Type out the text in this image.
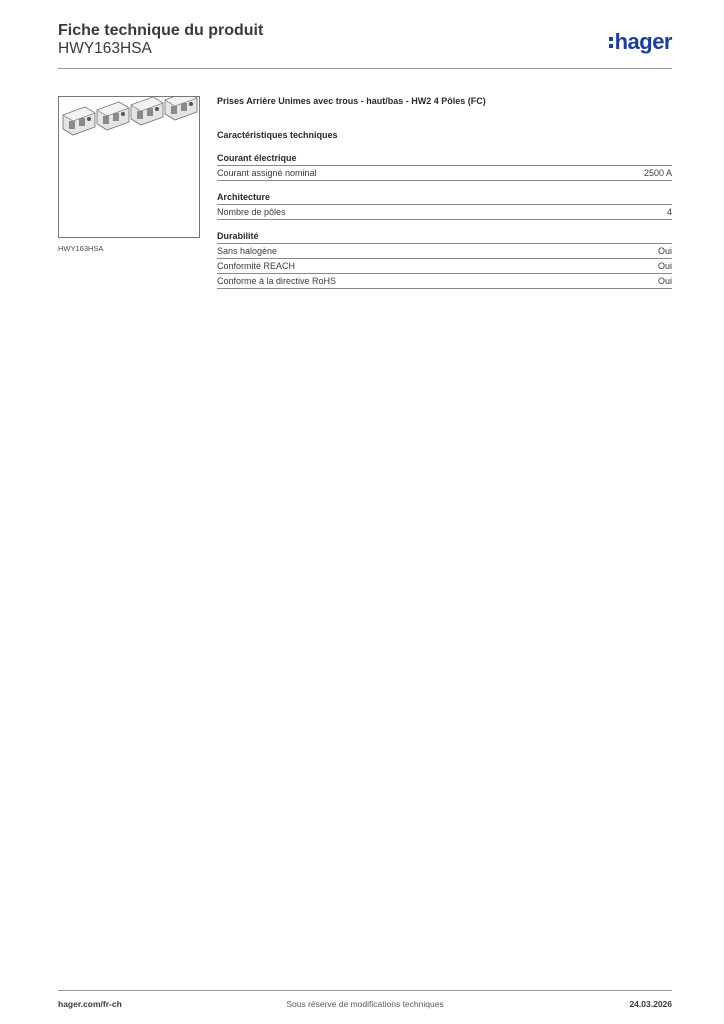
Fiche technique du produit
HWY163HSA	hager
HWY163HSA
Prises Arrière Unimes avec trous - haut/bas - HW2 4 Pôles (FC)
Caractéristiques techniques
Courant électrique
Courant assigné nominal	2500 A
Architecture
Nombre de pôles	4
Durabilité
Sans halogène	Oui
Conformité REACH	Oui
Conforme à la directive RoHS	Oui
hager.com/fr-ch	Sous réserve de modifications techniques	24.03.2026
